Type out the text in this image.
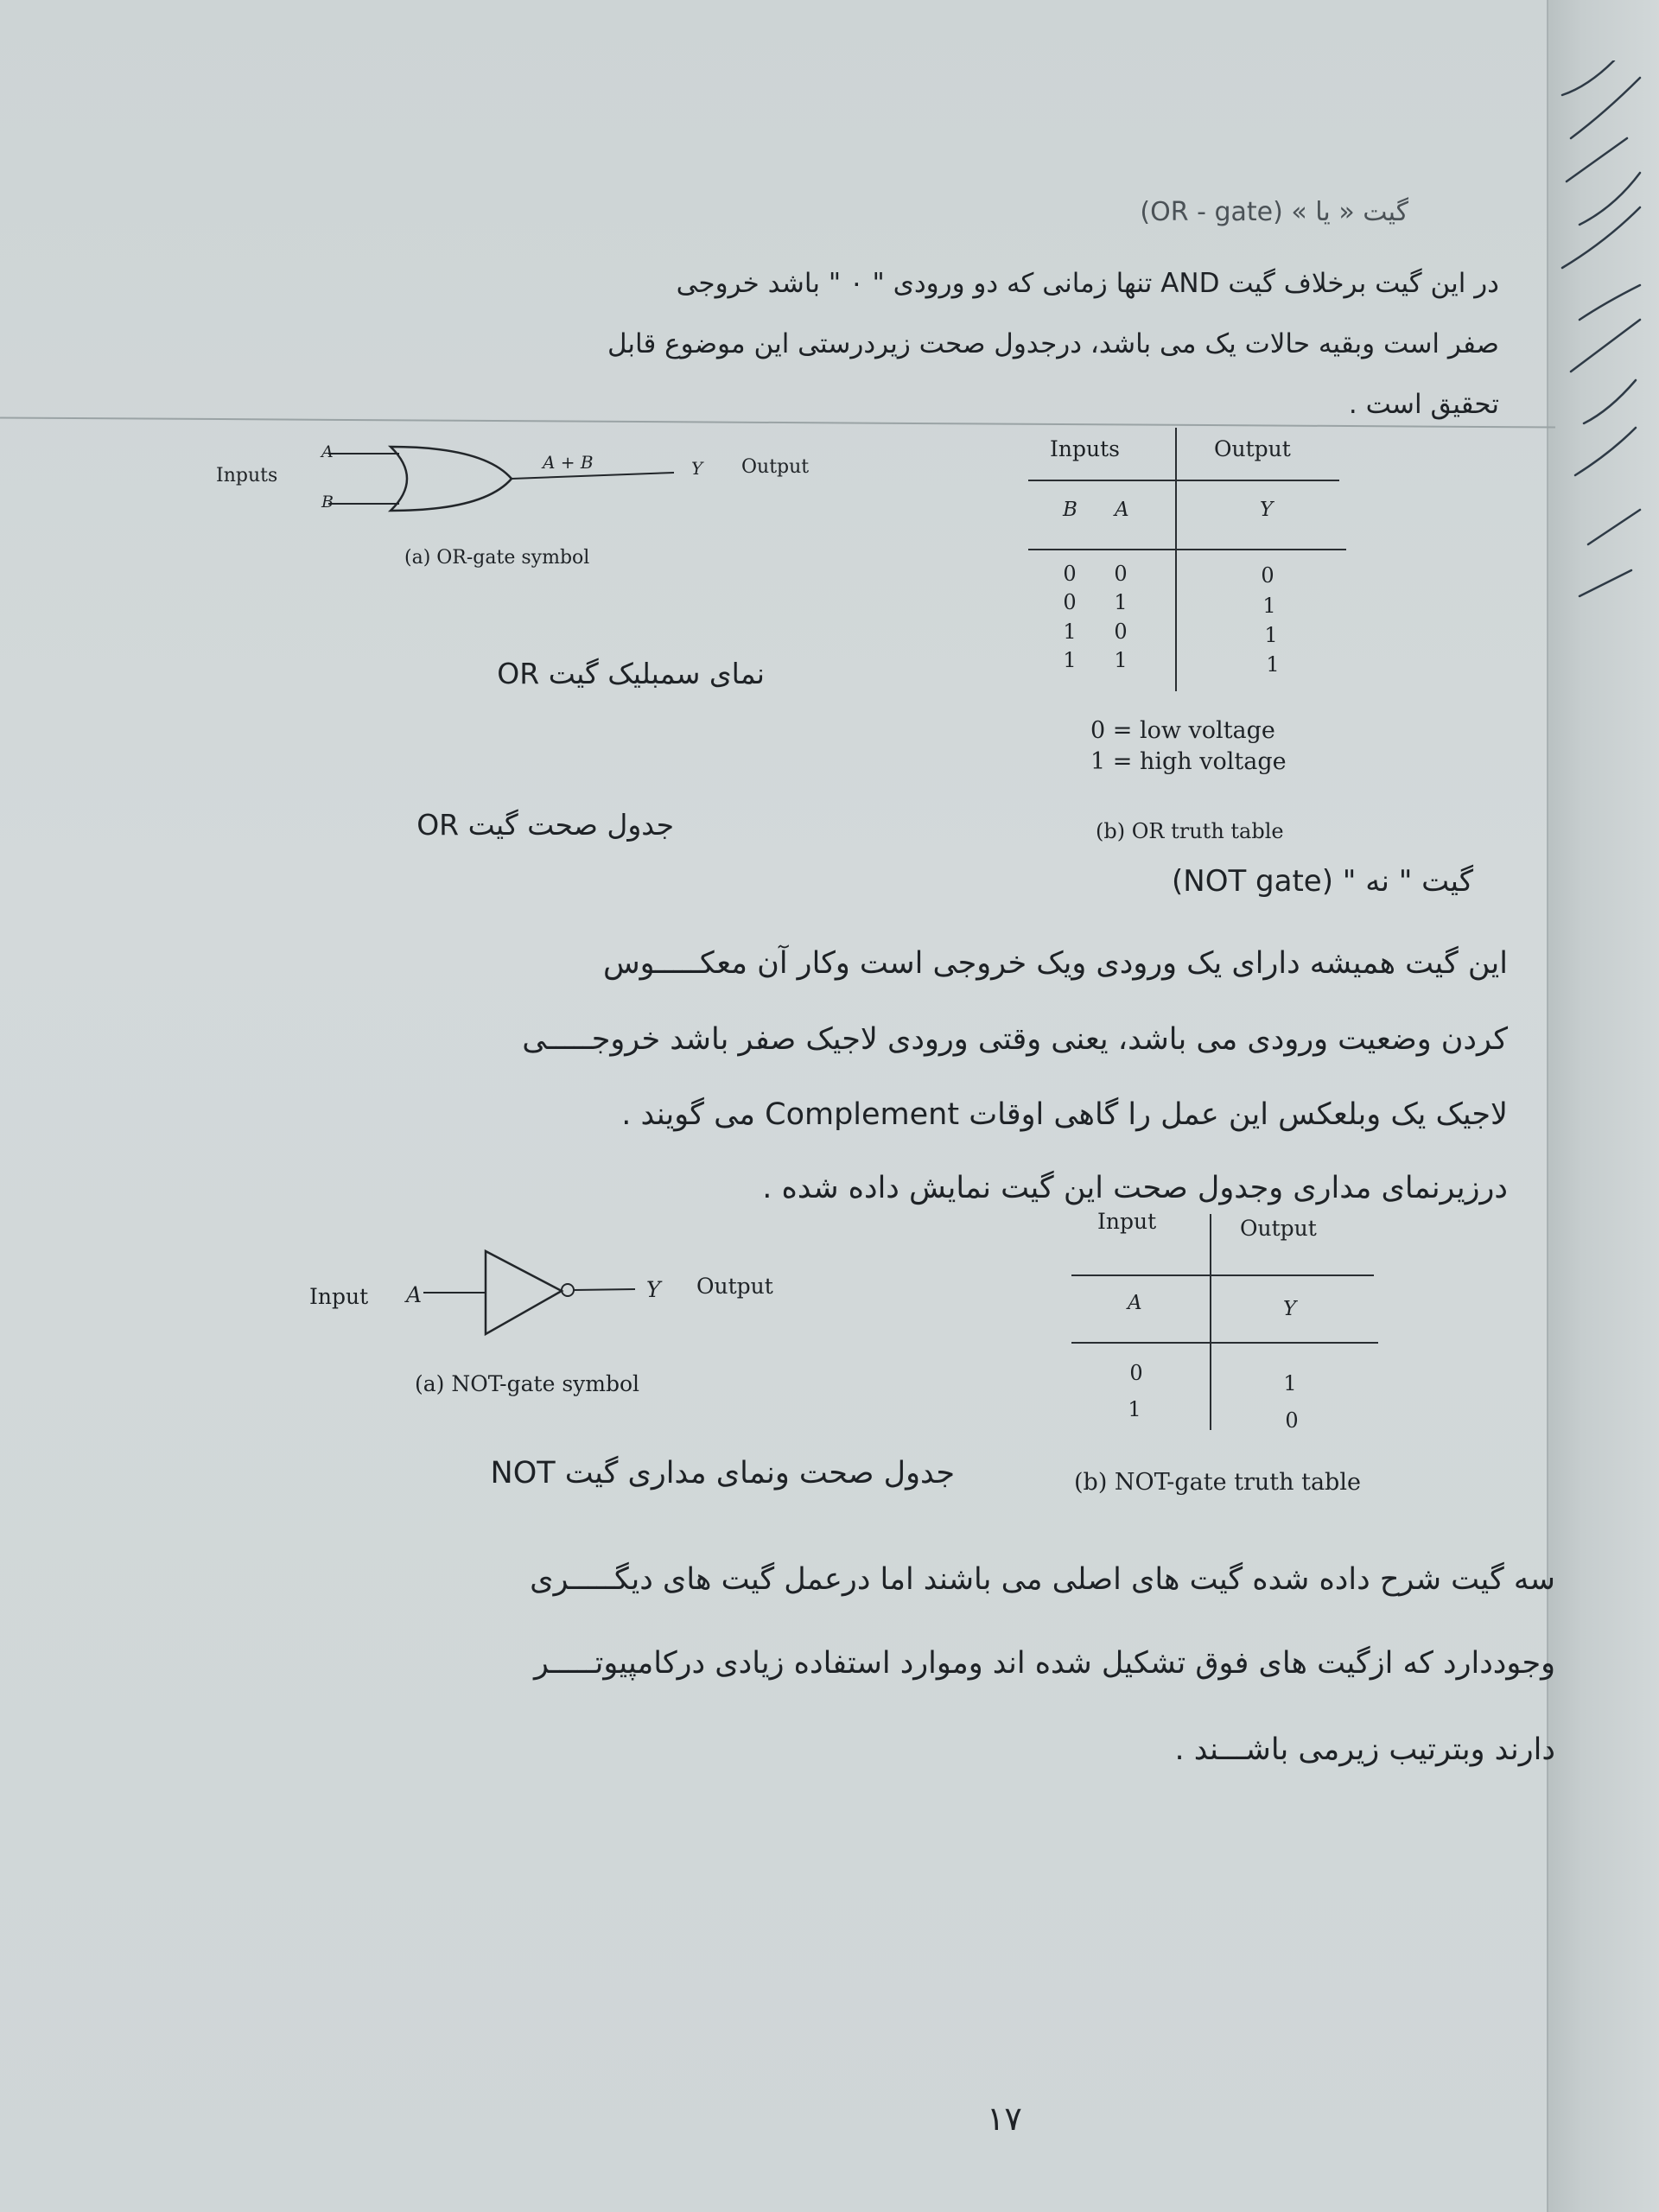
گیت « یا » (OR - gate)
در این گیت برخلاف گیت AND تنها زمانی که دو ورودی " ۰ " باشد خروجی
صفر است وبقیه حالات یک می باشد، درجدول صحت زیردرستی این موضوع قابل
تحقیق است .
Inputs
A
B
A + B	Y Output
(a) OR-gate symbol
نمای سمبلیک گیت OR
جدول صحت گیت OR
Inputs	Output
B A	Y
0	0	0
0	1	1
1	0	1
1	1	1
0 = low voltage
1 = high voltage
(b) OR truth table
گیت " نه " (NOT gate)
این گیت همیشه دارای یک ورودی ویک خروجی است وکار آن معکـــــوس
کردن وضعیت ورودی می باشد، یعنی وقتی ورودی لاجیک صفر باشد خروجـــــی
لاجیک یک وبلعکس این عمل را گاهی اوقات Complement می گویند .
درزیرنمای مداری وجدول صحت این گیت نمایش داده شده .
Input A	Y Output
(a) NOT-gate symbol
Input	Output
A	Y
0	1
1	0
(b) NOT-gate truth table
جدول صحت ونمای مداری گیت NOT
سه گیت شرح داده شده گیت های اصلی می باشند اما درعمل گیت های دیگـــــری
وجوددارد که ازگیت های فوق تشکیل شده اند وموارد استفاده زیادی درکامپیوتـــــر
دارند وبترتیب زیرمی باشـــند .
۱۷
